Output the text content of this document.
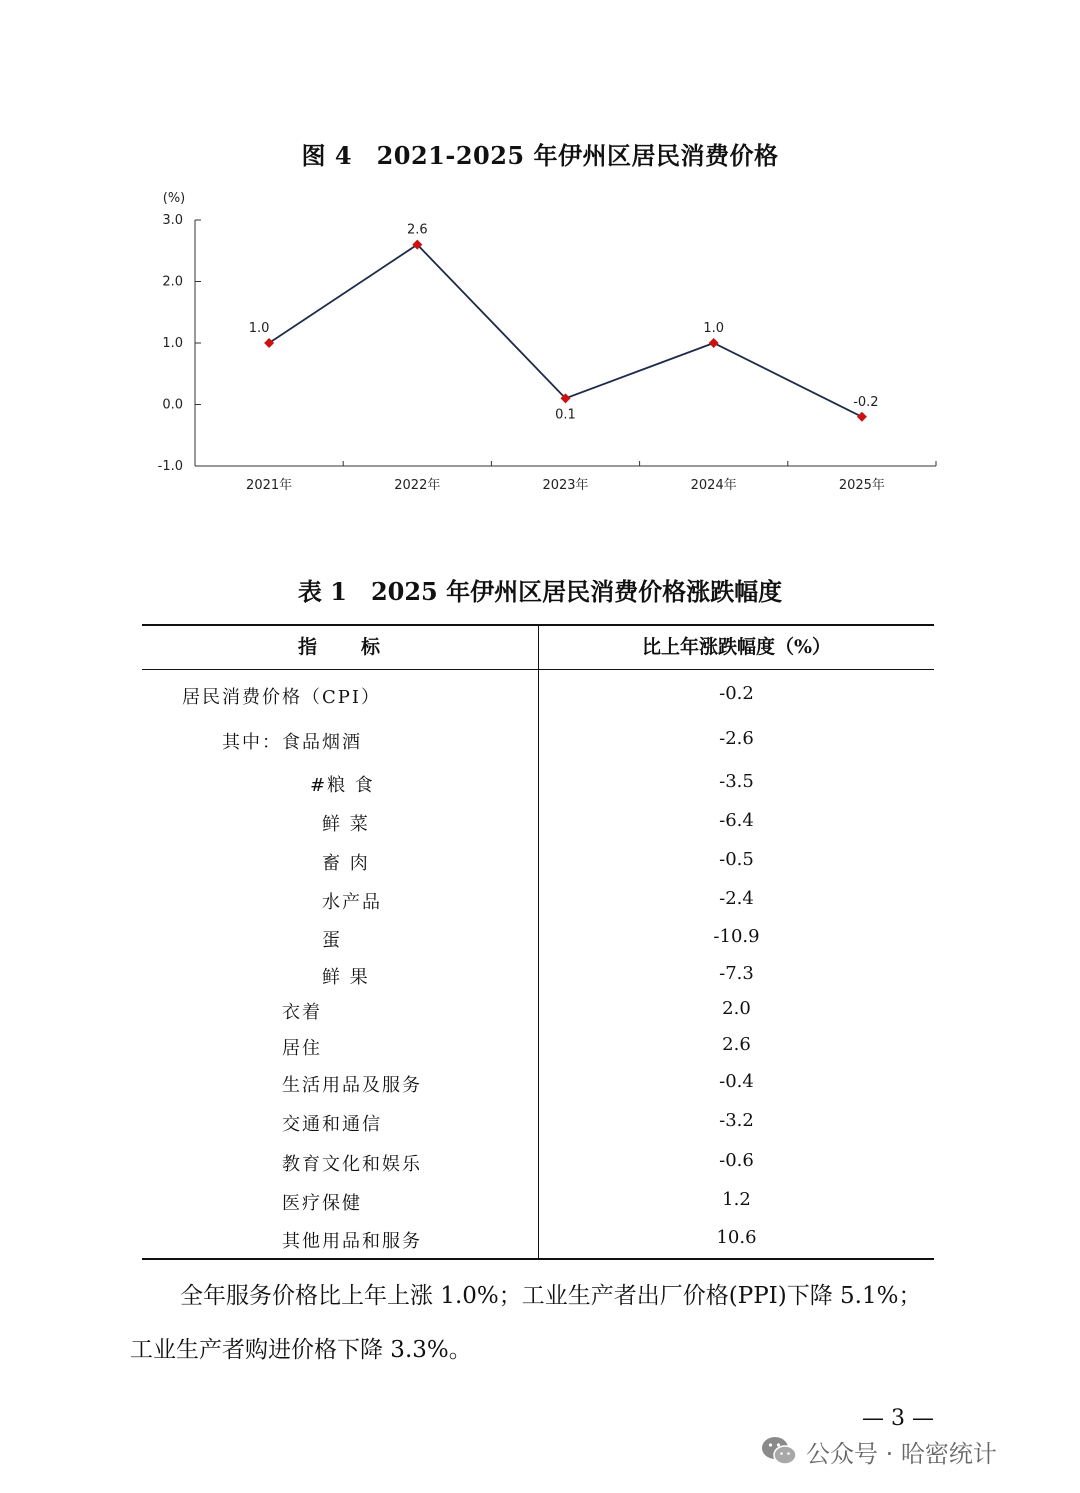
图 4　2021-2025 年伊州区居民消费价格
(%)
3.0
2.0
1.0
0.0
-1.0
2021年	2022年	2023年	2024年	2025年
1.0
2.6
0.1
1.0
-0.2
表 1　2025 年伊州区居民消费价格涨跌幅度
指　　标	比上年涨跌幅度（%）
居民消费价格（CPI）	-0.2
其中：食品烟酒	-2.6
#粮 食	-3.5
鲜 菜	-6.4
畜 肉	-0.5
水产品	-2.4
蛋	-10.9
鲜 果	-7.3
衣着	2.0
居住	2.6
生活用品及服务	-0.4
交通和通信	-3.2
教育文化和娱乐	-0.6
医疗保健	1.2
其他用品和服务	10.6
全年服务价格比上年上涨 1.0%；工业生产者出厂价格(PPI)下降 5.1%；
工业生产者购进价格下降 3.3%。
— 3 —
公众号 · 哈密统计
